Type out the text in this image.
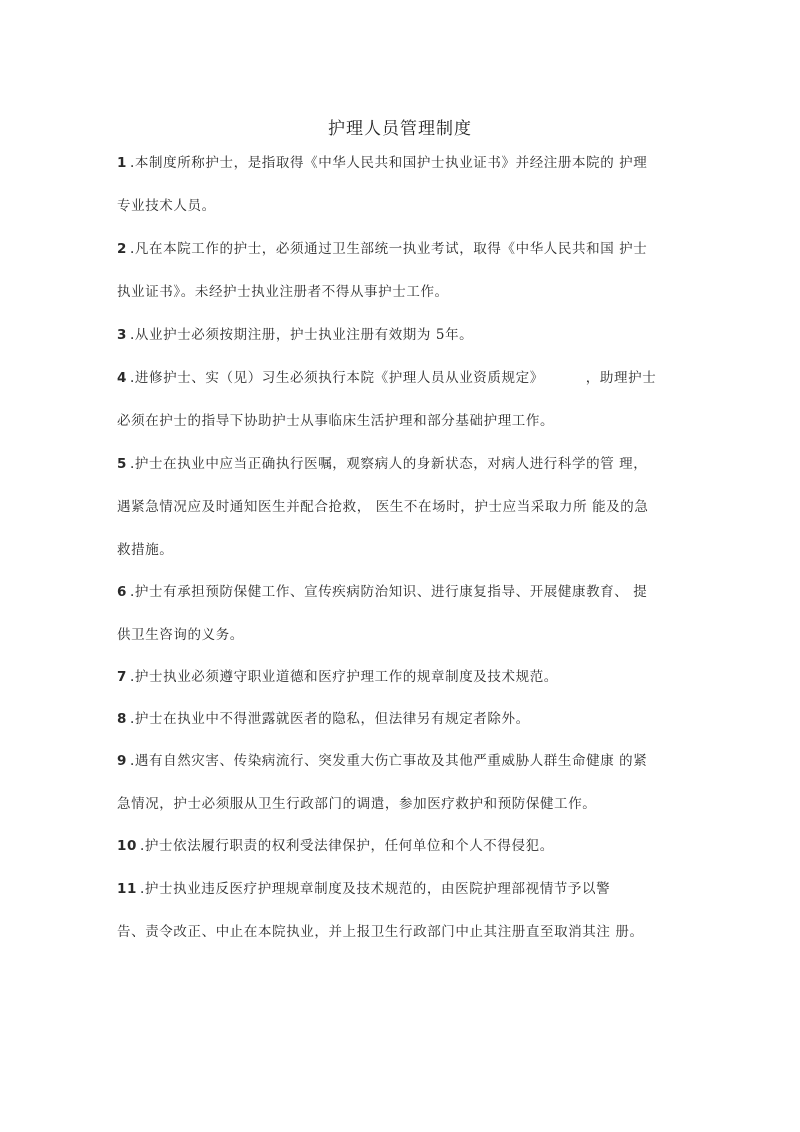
护理人员管理制度
1 .本制度所称护士，是指取得《中华人民共和国护士执业证书》并经注册本院的 护理
专业技术人员。
2 .凡在本院工作的护士，必须通过卫生部统一执业考试，取得《中华人民共和国 护士
执业证书》。未经护士执业注册者不得从事护士工作。
3 .从业护士必须按期注册，护士执业注册有效期为 5年。
4 .进修护士、实（见）习生必须执行本院《护理人员从业资质规定》	，助理护士
必须在护士的指导下协助护士从事临床生活护理和部分基础护理工作。
5 .护士在执业中应当正确执行医嘱，观察病人的身新状态，对病人进行科学的管 理，
遇紧急情况应及时通知医生并配合抢救， 医生不在场时，护士应当采取力所 能及的急
救措施。
6 .护士有承担预防保健工作、宣传疾病防治知识、进行康复指导、开展健康教育、 提
供卫生咨询的义务。
7 .护士执业必须遵守职业道德和医疗护理工作的规章制度及技术规范。
8 .护士在执业中不得泄露就医者的隐私，但法律另有规定者除外。
9 .遇有自然灾害、传染病流行、突发重大伤亡事故及其他严重威胁人群生命健康 的紧
急情况，护士必须服从卫生行政部门的调遣，参加医疗救护和预防保健工作。
10 .护士依法履行职责的权利受法律保护，任何单位和个人不得侵犯。
11 .护士执业违反医疗护理规章制度及技术规范的，由医院护理部视情节予以警
告、责令改正、中止在本院执业，并上报卫生行政部门中止其注册直至取消其注 册。
